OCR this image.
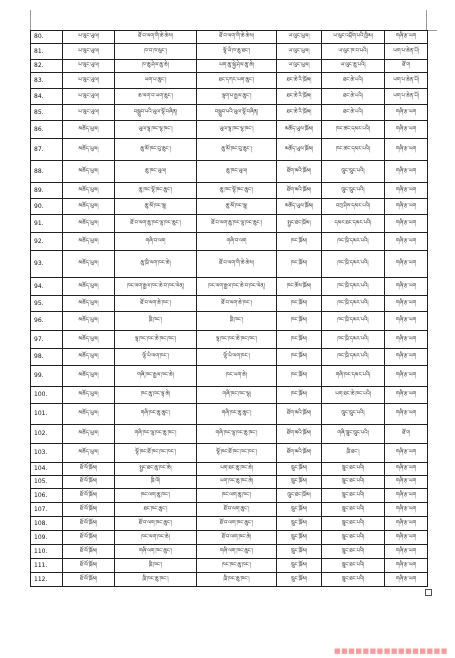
80.	ཡ་ལུང་ཡུལ།	ཐོ་བ་ལག་གི་ཆེ་ཆེས།	ཐོ་བ་ལག་གི་ཆེ་ཆེས།	ཡ་ལུང་ཡུལ།	ཡ་ལུང་འབྲོག་པའི་ཁྱིམ།	གཞི་རྩ་ཡག
81.	ཡ་ལུང་ཡུལ།	ཁ་བ་ཁ་ལུང་།	ལྷོ་ཡི་ཁ་ཆུ་ཐང་།	ཡ་ལུང་ཡུལ།	ཡ་ལུང་ཁ་བ་པའི།	ཡག་པ་ཆེན་པོ།
82.	ཡ་ལུང་ཡུལ།	ཁ་ཆུ་ཤེལ་ཆུ་ཆེ།	ཡག་ཆུ་སྐྱེ་ཤེལ་ཆུ་ཆེ།	ཡ་ལུང་ཡུལ།	ཡ་ལུང་ཆུ་པའི།	ཐོ་ག
83.	ཡ་ལུང་ཡུལ།	ཡག་པ་ཆུང་།	ཐང་དཀར་ཡག་ཆུང་།	ཐང་ཆེ་རི་ཁྲོམ།	ཐང་ཆེ་པའི།	ཡག་པ་ཆེན་པོ།
84.	ཡ་ལུང་ཡུལ།	ཆ་ལག་བ་ཡག་ཆུང་།	ལྷག་པ་རྒྱལ་ཆུང་།	ཐང་ཆེ་རི་ཁྲོམ།	ཐང་ཆེ་པའི།	ཡག་པ་ཆེན་པོ།
85.	ཡ་ལུང་ཡུལ།	བསྒྲུབ་པའི་ཡུལ་ལྷོ་བཞིན།	བསྒྲུབ་པའི་ཡུལ་ལྷོ་བཞིན།	ཐང་ཆེ་རི་ཁྲོམ།	ཐང་ཆེ་པའི།	གཞི་རྩ་ཡག
86.	མཆོད་ཡུལ།	ཡུལ་ལྷ་ཁང་ལྷ་ཁང་།	ཡུལ་ལྷ་ཁང་ལྷ་ཁང་།	མཆོད་ཡུལ་ཁྲོམ།	ཁང་ཚང་དམར་པའི།	གཞི་རྩ་ཡག
87.	མཆོད་ཡུལ།	ཆུ་མོ་ཁང་བུ་ཆུང་།	ཆུ་མོ་ཁང་བུ་ཆུང་།	མཆོད་ཡུལ་ཁྲོམ།	ཁང་ཚང་དམར་པའི།	གཞི་རྩ་ཡག
88.	མཆོད་ཡུལ།	ཆུ་ཁང་ཡུལ།	ཆུ་ཁང་ཡུལ།	ཐོག་མའི་ཁྲོམ།	ཁྲུང་ཁྲུང་པའི།	གཞི་རྩ་ཡག
89.	མཆོད་ཡུལ།	ཆུ་ཁང་ལྷོ་ཁང་ཆུང་།	ཆུ་ཁང་ལྷོ་ཁང་ཆུང་།	ཐོག་མའི་ཁྲོམ།	ཁྲུང་ཁྲུང་པའི།	གཞི་རྩ་ཡག
90.	མཆོད་ཡུལ།	ཆུ་མོ་ཁང་ལྷ།	ཆུ་མོ་ཁང་ལྷ།	མཆོད་ཡུལ་ཁྲོམ།	བཀྲ་ཤིས་དམར་པའི།	གཞི་རྩ་ཡག
91.	མཆོད་ཡུལ།	ཐོ་བ་ལག་ཆུ་ཁང་ལྷ་ཁང་ཆུང་།	ཐོ་བ་ལག་ཆུ་ཁང་ལྷ་ཁང་ཆུང་།	སྤྱང་ཐང་ཁྲོམ།	དམར་ཐང་དམར་པའི།	གཞི་རྩ་ཡག
92.	མཆོད་ཡུལ།	གཞི་བ་ལག	གཞི་བ་ལག	ཁང་ཁྲོམ།	ཁང་ཁྲི་དམར་པའི།	གཞི་རྩ་ཡག
93.	མཆོད་ཡུལ།	ཆུ་ཁྲི་ལག་ཁང་ཆེ།	ཐོ་བ་ལག་གི་ཆེ་ཆེས།	ཁང་ཁྲོམ།	ཁང་ཁྲི་དམར་པའི།	གཞི་རྩ་ཡག
94.	མཆོད་ཡུལ།	ཁང་ལག་རྒྱལ་ཁང་ཆེ་བ་ཁང་ལེན།	ཁང་ལག་རྒྱལ་ཁང་ཆེ་བ་ཁང་ལེན།	ཁང་ཆོས་ཁྲོམ།	ཁང་ཁྲི་དམར་པའི།	གཞི་རྩ་ཡག
95.	མཆོད་ཡུལ།	ཐོ་བ་ལག་ཆེ་ཁང་།	ཐོ་བ་ལག་ཆེ་ཁང་།	ཁང་ཁྲོམ།	ཁང་ཁྲི་དམར་པའི།	གཞི་རྩ་ཡག
96.	མཆོད་ཡུལ།	ཁྲི་ཁང་།	ཁྲི་ཁང་།	ཁང་ཁྲོམ།	ཁང་ཁྲི་དམར་པའི།	གཞི་རྩ་ཡག
97.	མཆོད་ཡུལ།	ལྷ་ཁང་ཁང་ཆེ་ཁང་ཁང་།	ལྷ་ཁང་ཁང་ཆེ་ཁང་ཁང་།	ཁང་ཁྲོམ།	ཁང་ཁྲི་དམར་པའི།	གཞི་རྩ་ཡག
98.	མཆོད་ཡུལ།	ལྷོ་ཡི་ལག་ཁང་།	ལྷོ་ཡི་ལག་ཁང་།	ཁང་ཁྲོམ།	ཁང་ཁྲི་དམར་པའི།	གཞི་རྩ་ཡག
99.	མཆོད་ཡུལ།	གཞི་ཁང་རྒྱལ་ཁང་ཆེ།	ཁང་ཡག་ཆེ།	ཁང་ཁྲོམ།	གཞི་ཁང་དམར་པའི།	གཞི་རྩ་ཡག
100.	མཆོད་ཡུལ།	ཁང་ཆུ་ཁང་ལྷ་ཆེ།	གཞི་ཁང་ཁང་ལྷ།	ཁང་ཁྲོམ།	ཡག་ཐང་ཆེ་ཁང་པའི།	གཞི་རྩ་ཡག
101.	མཆོད་ཡུལ།	གཞི་ཁང་ཆུ་ཆུང་།	གཞི་ཁང་ཆུ་ཆུང་།	ཐོག་མའི་ཁྲོམ།	ཁྲུང་ཁྲུང་པའི།	གཞི་རྩ་ཡག
102.	མཆོད་ཡུལ།	གཞི་ཁང་ལྷ་ཁང་ཆུ་ཁང་།	གཞི་ཁང་ལྷ་ཁང་ཆུ་ཁང་།	ཐོག་མའི་ཁྲོམ།	གཞི་ཁྲུང་ཁྲུང་པའི།	ཐོ་ག
103.	མཆོད་ཡུལ།	ལྷོ་ཁང་ཐོ་ཁང་ཁང་ཁང་།	ལྷོ་ཁང་ཐོ་ཁང་ཁང་ཁང་།	ཐོག་མའི་ཁྲོམ།	ཁྲི་ཐང་།	གཞི་རྩ་ཡག
104.	ཐོ་ལོ་ཁྲོམ།	སྤྱང་ཐང་ཆུ་ཁང་ཆེ།	ཡག་ཐང་ཆུ་ཁང་ཆེ།	ཁྲུང་ཁྲོམ།	ཁྲུང་ཐང་པའི།	གཞི་རྩ་ཡག
105.	ཐོ་ལོ་ཁྲོམ།	ཁྲི་ལོ།	ཡག་ཁང་ཆུ་ཁང་ཆེ།	ཁྲུང་ཁྲོམ།	ཁྲུང་ཐང་པའི།	གཞི་རྩ་ཡག
106.	ཐོ་ལོ་ཁྲོམ།	ཁང་ལག་ཆུ་ཁང་།	ཁང་ལག་ཆུ་ཁང་།	ཁྲུང་ཐང་ཁྲོམ།	ཁྲུང་ཐང་པའི།	གཞི་རྩ་ཡག
107.	ཐོ་ལོ་ཁྲོམ།	ཐང་ཁང་ཆུང་།	ཐོ་བ་ལག་ཆུང་།	ཁྲུང་ཁྲོམ།	ཁྲུང་ཐང་པའི།	གཞི་རྩ་ཡག
108.	ཐོ་ལོ་ཁྲོམ།	ཐོ་བ་ལག་ཁང་ཆུང་།	ཐོ་བ་ལག་ཁང་ཆུང་།	ཁྲུང་ཁྲོམ།	ཁྲུང་ཐང་པའི།	གཞི་རྩ་ཡག
109.	ཐོ་ལོ་ཁྲོམ།	ཁང་ལག་ཁང་ཆེ།	ཐོ་བ་ལག་ཁང་ཆེ།	ཁྲུང་ཁྲོམ།	ཁྲུང་ཐང་པའི།	གཞི་རྩ་ཡག
110.	ཐོ་ལོ་ཁྲོམ།	གཞི་ལག་ཁང་ཆུང་།	གཞི་ལག་ཁང་ཆུང་།	ཁྲུང་ཁྲོམ།	ཁྲུང་ཐང་པའི།	གཞི་རྩ་ཡག
111.	ཐོ་ལོ་ཁྲོམ།	ཁྲི་ཁང་།	ཁང་ཁང་ཆུ་ཁང་།	ཁྲུང་ཁྲོམ།	ཁྲུང་ཐང་པའི།	གཞི་རྩ་ཡག
112.	ཐོ་ལོ་ཁྲོམ།	ཁྲི་ཁང་ཆུ་ཁང་།	ཁྲི་ཁང་ཆུ་ཁང་།	ཁྲུང་ཁྲོམ།	ཁྲུང་ཐང་པའི།	གཞི་རྩ་ཡག
■■■■■■■■■■■■■■■■
